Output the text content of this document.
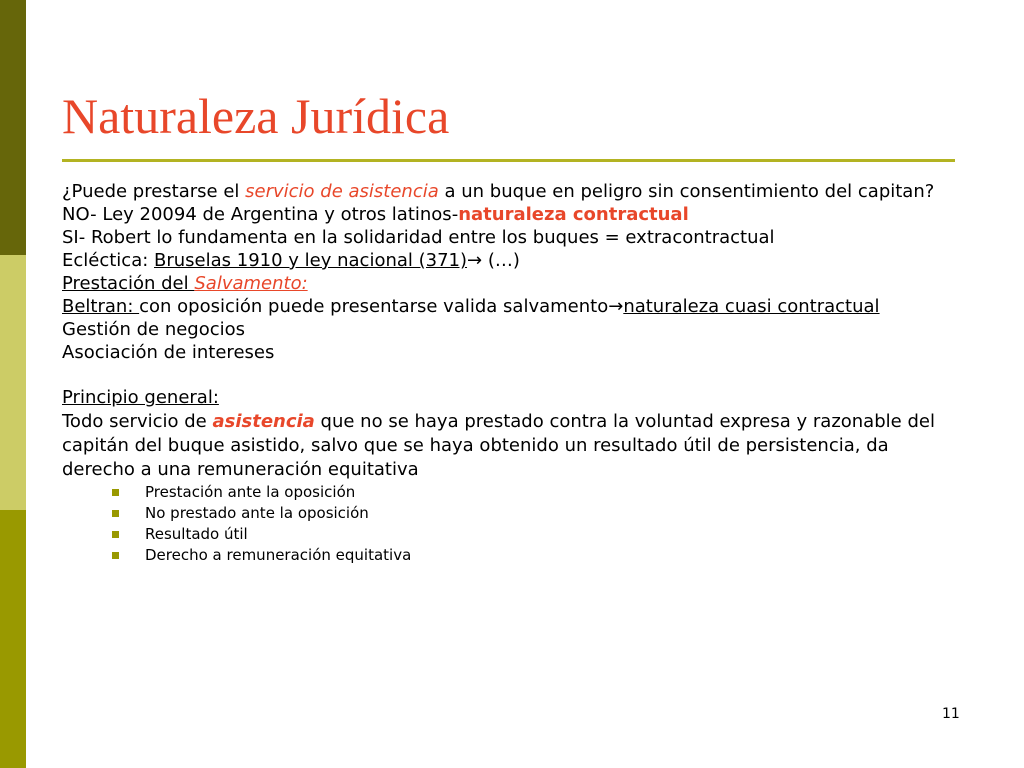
Naturaleza Jurídica

¿Puede prestarse el servicio de asistencia a un buque en peligro sin consentimiento del capitan?

NO- Ley 20094 de Argentina y otros latinos-naturaleza contractual

SI- Robert lo fundamenta en la solidaridad entre los buques = extracontractual

Ecléctica: Bruselas 1910 y ley nacional (371)→ (…)

Prestación del Salvamento:

Beltran: con oposición puede presentarse valida salvamento→naturaleza cuasi contractual

Gestión de negocios

Asociación de intereses

Principio general:

Todo servicio de asistencia que no se haya prestado contra la voluntad expresa y razonable del capitán del buque asistido, salvo que se haya obtenido un resultado útil de persistencia, da derecho a una remuneración equitativa

Prestación ante la oposición
No prestado ante la oposición
Resultado útil
Derecho a remuneración equitativa
11
